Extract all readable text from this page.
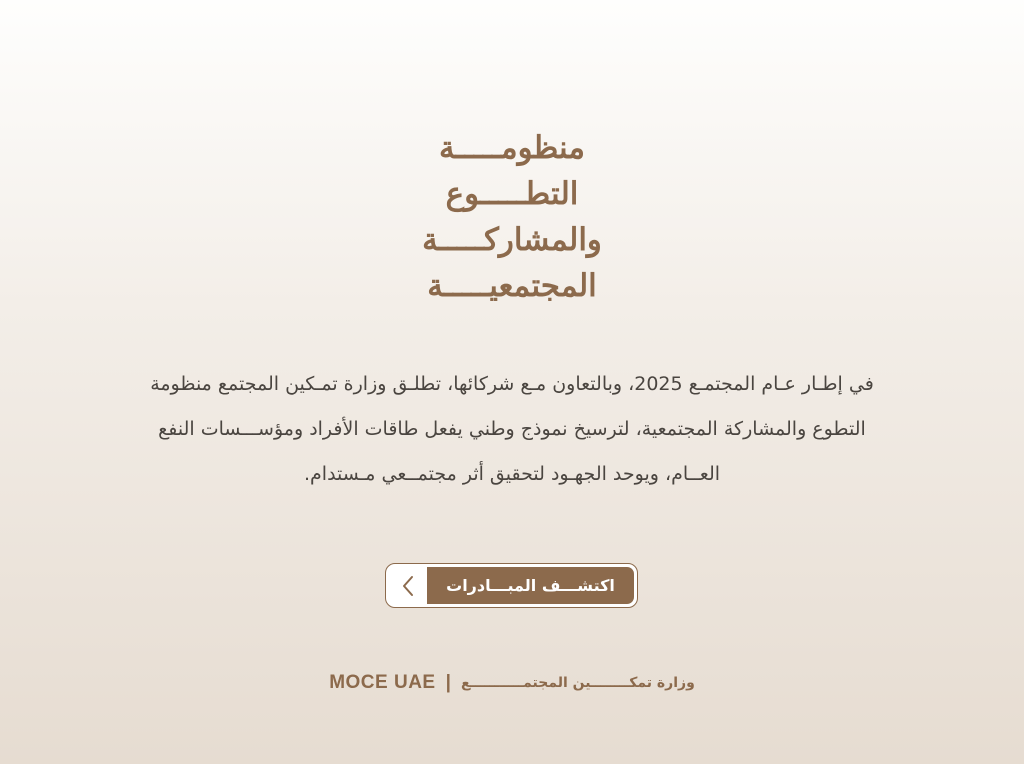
منظومـــــة
التطـــــوع
والمشاركـــــة
المجتمعيـــــة
في إطـار عـام المجتمـع 2025، وبالتعاون مـع شركائها، تطلـق وزارة تمـكين المجتمع منظومة
التطوع والمشاركة المجتمعية، لترسيخ نموذج وطني يفعل طاقات الأفراد ومؤســـسات النفع
العــام، ويوحد الجهـود لتحقيق أثر مجتمــعي مـستدام.
اكتشـــف المبـــادرات
MOCE UAE | وزارة تمكــــــــين المجتمـــــــــــع
